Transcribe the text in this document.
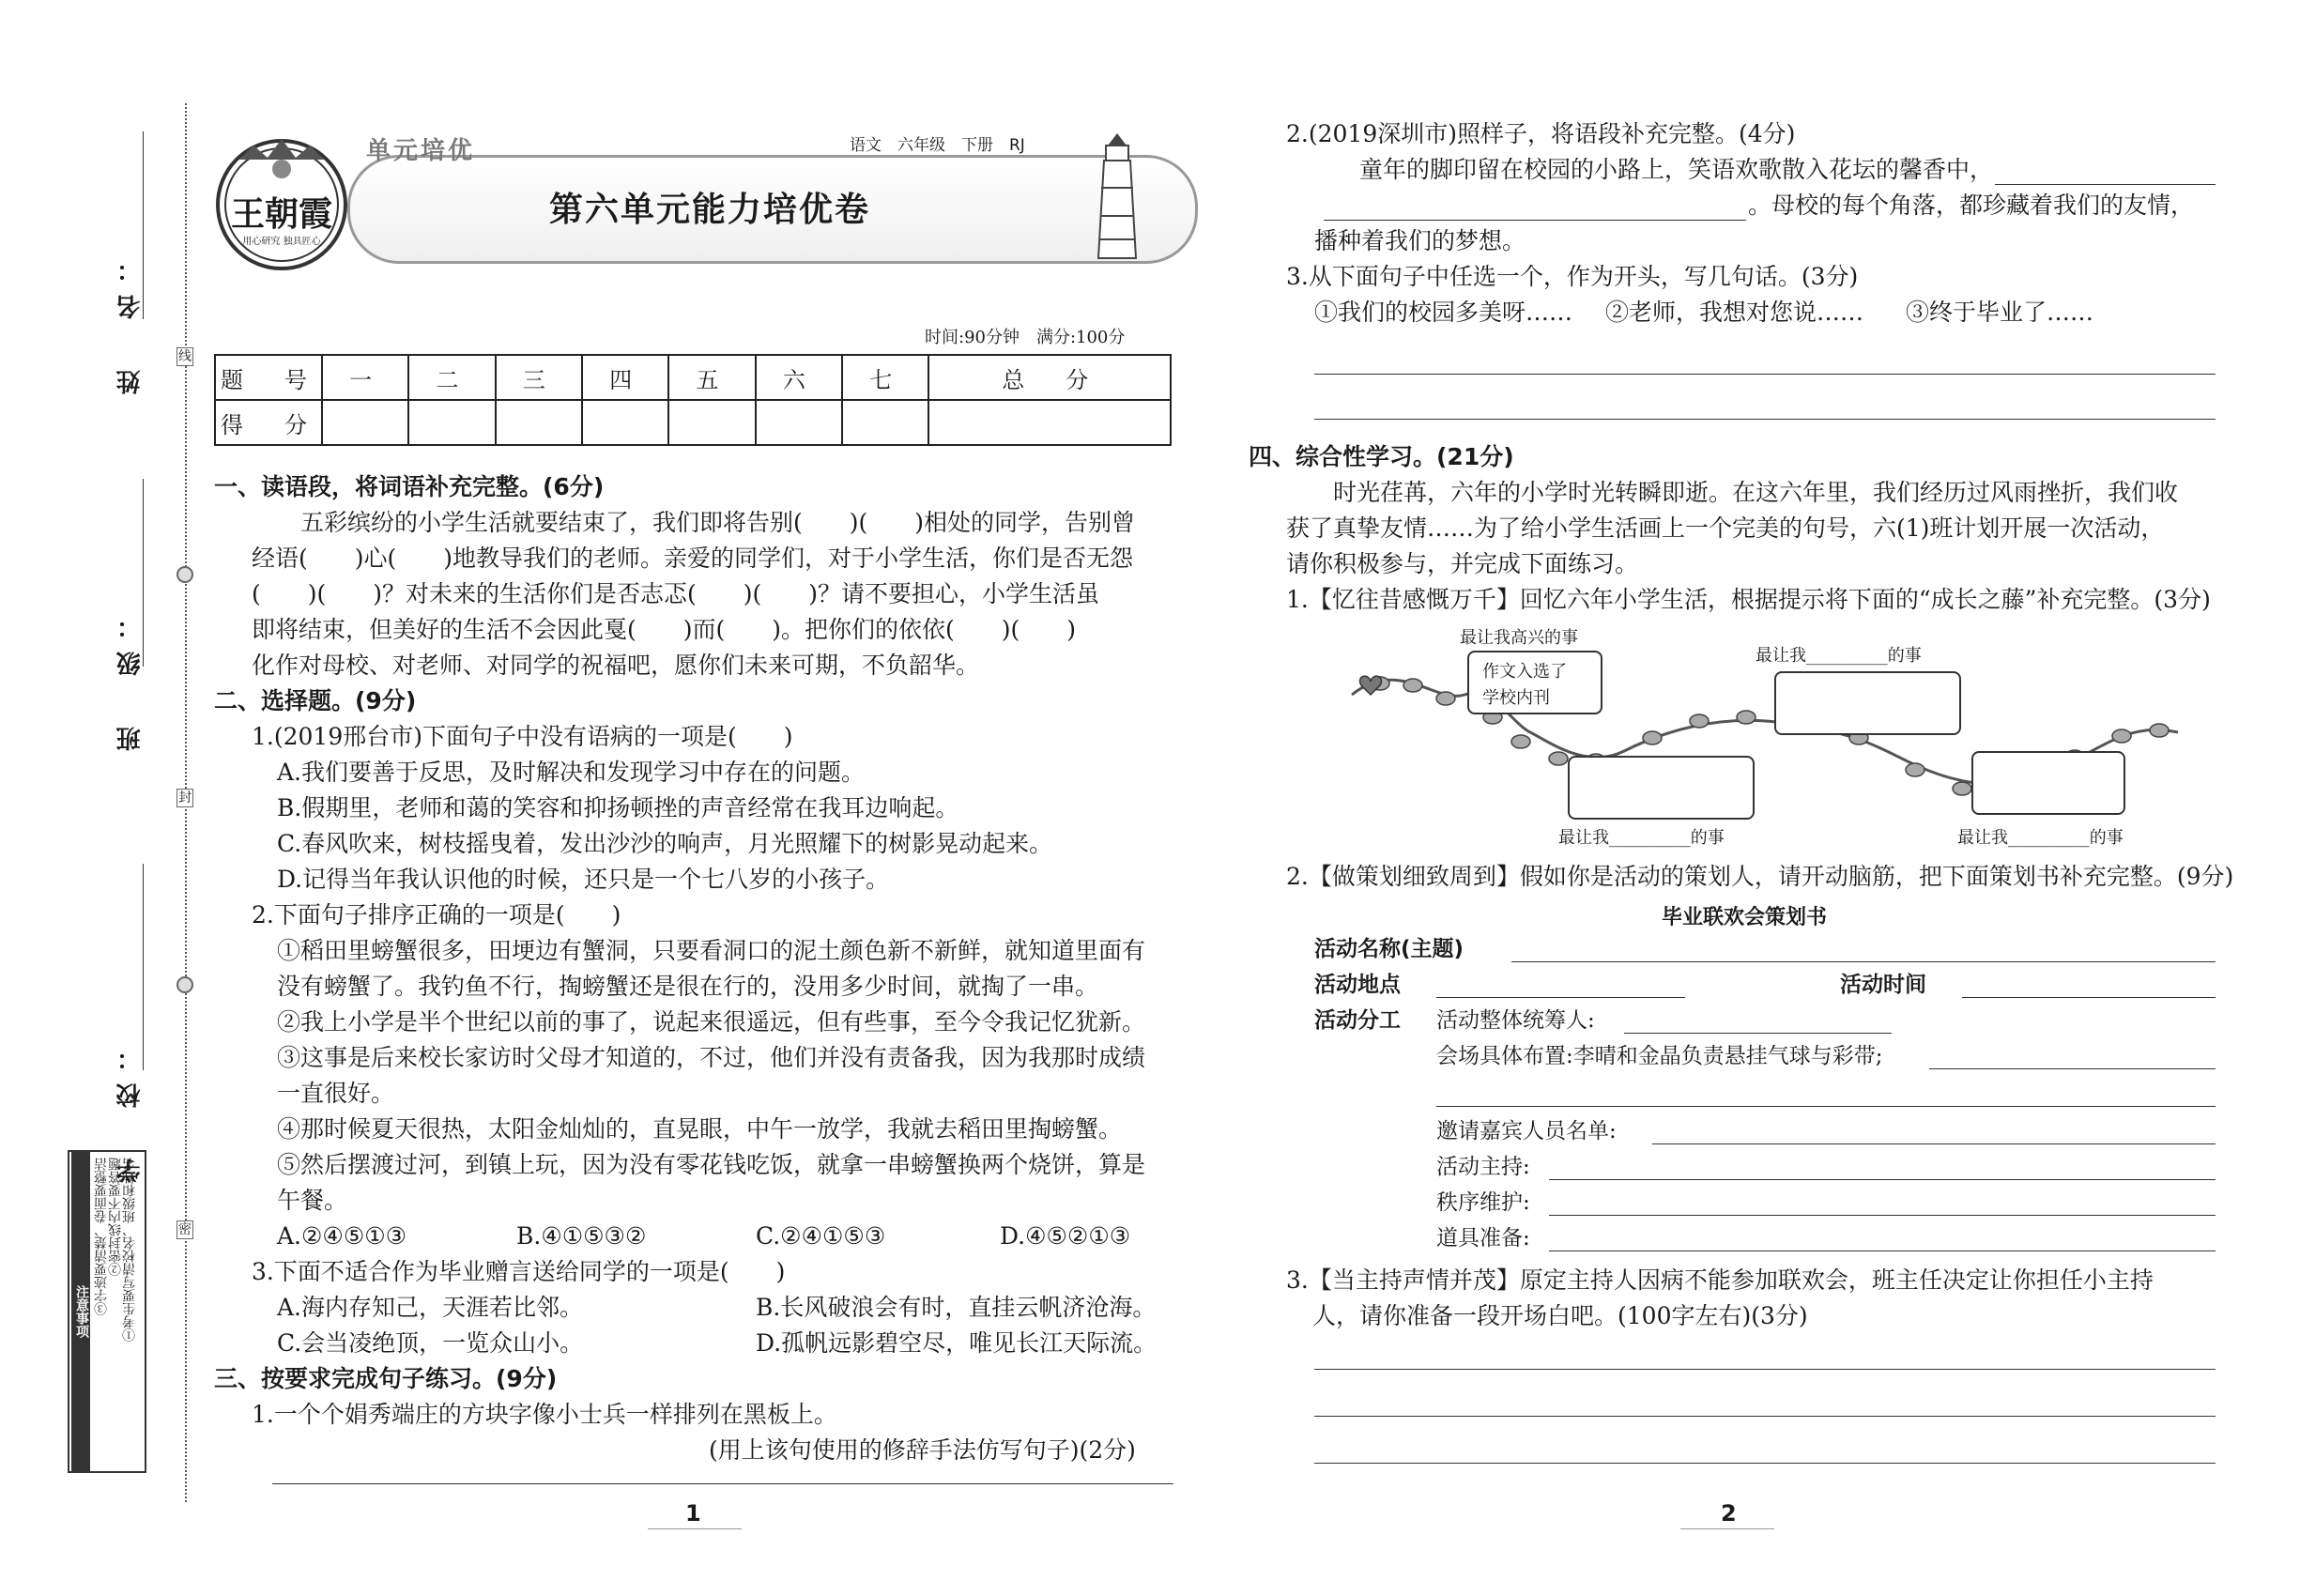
姓　名：
班　级：
学　校：
线
封
密
注意事项	①考生要写清校名、班级和姓名
②密封线内不要答题
③字迹要清楚、卷面要整洁
王朝霞
用心研究 独具匠心
单元培优	语文　六年级　下册　RJ
第六单元能力培优卷
时间:90分钟　满分:100分
题　号	一	二	三	四	五	六	七	总　分
得　分								
一、读语段，将词语补充完整。(6分)
五彩缤纷的小学生活就要结束了，我们即将告别(　　)(　　)相处的同学，告别曾
经语(　　)心(　　)地教导我们的老师。亲爱的同学们，对于小学生活，你们是否无怨
(　　)(　　)？对未来的生活你们是否志忑(　　)(　　)？请不要担心，小学生活虽
即将结束，但美好的生活不会因此戛(　　)而(　　)。把你们的依依(　　)(　　)
化作对母校、对老师、对同学的祝福吧，愿你们未来可期，不负韶华。
二、选择题。(9分)
1.(2019邢台市)下面句子中没有语病的一项是(　　)
A.我们要善于反思，及时解决和发现学习中存在的问题。
B.假期里，老师和蔼的笑容和抑扬顿挫的声音经常在我耳边响起。
C.春风吹来，树枝摇曳着，发出沙沙的响声，月光照耀下的树影晃动起来。
D.记得当年我认识他的时候，还只是一个七八岁的小孩子。
2.下面句子排序正确的一项是(　　)
①稻田里螃蟹很多，田埂边有蟹洞，只要看洞口的泥土颜色新不新鲜，就知道里面有
没有螃蟹了。我钓鱼不行，掏螃蟹还是很在行的，没用多少时间，就掏了一串。
②我上小学是半个世纪以前的事了，说起来很遥远，但有些事，至今令我记忆犹新。
③这事是后来校长家访时父母才知道的，不过，他们并没有责备我，因为我那时成绩
一直很好。
④那时候夏天很热，太阳金灿灿的，直晃眼，中午一放学，我就去稻田里掏螃蟹。
⑤然后摆渡过河，到镇上玩，因为没有零花钱吃饭，就拿一串螃蟹换两个烧饼，算是
午餐。
A.②④⑤①③	B.④①⑤③②	C.②④①⑤③	D.④⑤②①③
3.下面不适合作为毕业赠言送给同学的一项是(　　)
A.海内存知己，天涯若比邻。	B.长风破浪会有时，直挂云帆济沧海。
C.会当凌绝顶，一览众山小。	D.孤帆远影碧空尽，唯见长江天际流。
三、按要求完成句子练习。(9分)
1.一个个娟秀端庄的方块字像小士兵一样排列在黑板上。
(用上该句使用的修辞手法仿写句子)(2分)
1
2.(2019深圳市)照样子，将语段补充完整。(4分)
童年的脚印留在校园的小路上，笑语欢歌散入花坛的馨香中，

。母校的每个角落，都珍藏着我们的友情，
播种着我们的梦想。
3.从下面句子中任选一个，作为开头，写几句话。(3分)
①我们的校园多美呀…… ②老师，我想对您说…… ③终于毕业了……
四、综合性学习。(21分)
时光荏苒，六年的小学时光转瞬即逝。在这六年里，我们经历过风雨挫折，我们收
获了真挚友情……为了给小学生活画上一个完美的句号，六(1)班计划开展一次活动，
请你积极参与，并完成下面练习。
1.【忆往昔感慨万千】回忆六年小学生活，根据提示将下面的“成长之藤”补充完整。(3分)
最让我高兴的事
作文入选了
学校内刊
最让我________的事
最让我________的事	最让我________的事
2.【做策划细致周到】假如你是活动的策划人，请开动脑筋，把下面策划书补充完整。(9分)
毕业联欢会策划书
活动名称(主题)
活动地点	活动时间
活动分工 活动整体统筹人:
会场具体布置:李晴和金晶负责悬挂气球与彩带;
邀请嘉宾人员名单:
活动主持:
秩序维护:
道具准备:
3.【当主持声情并茂】原定主持人因病不能参加联欢会，班主任决定让你担任小主持
人，请你准备一段开场白吧。(100字左右)(3分)
2
